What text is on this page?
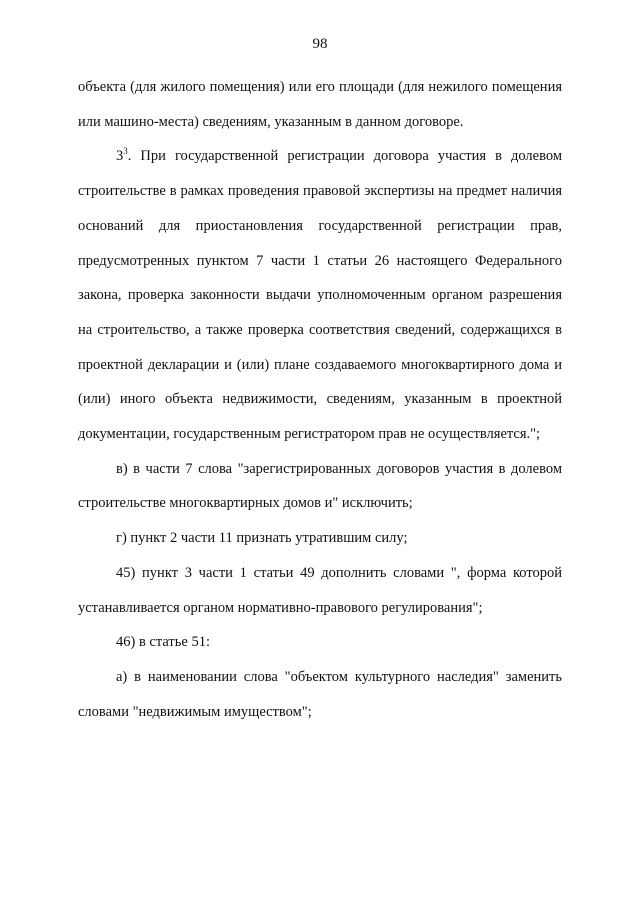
98

объекта (для жилого помещения) или его площади (для нежилого помещения или машино-места) сведениям, указанным в данном договоре.

$3^3$. При государственной регистрации договора участия в долевом строительстве в рамках проведения правовой экспертизы на предмет наличия оснований для приостановления государственной регистрации прав, предусмотренных пунктом 7 части 1 статьи 26 настоящего Федерального закона, проверка законности выдачи уполномоченным органом разрешения на строительство, а также проверка соответствия сведений, содержащихся в проектной декларации и (или) плане создаваемого многоквартирного дома и (или) иного объекта недвижимости, сведениям, указанным в проектной документации, государственным регистратором прав не осуществляется.";

в) в части 7 слова "зарегистрированных договоров участия в долевом строительстве многоквартирных домов и" исключить;

г) пункт 2 части 11 признать утратившим силу;

45) пункт 3 части 1 статьи 49 дополнить словами ", форма которой устанавливается органом нормативно-правового регулирования";

46) в статье 51:

а) в наименовании слова "объектом культурного наследия" заменить словами "недвижимым имуществом";
